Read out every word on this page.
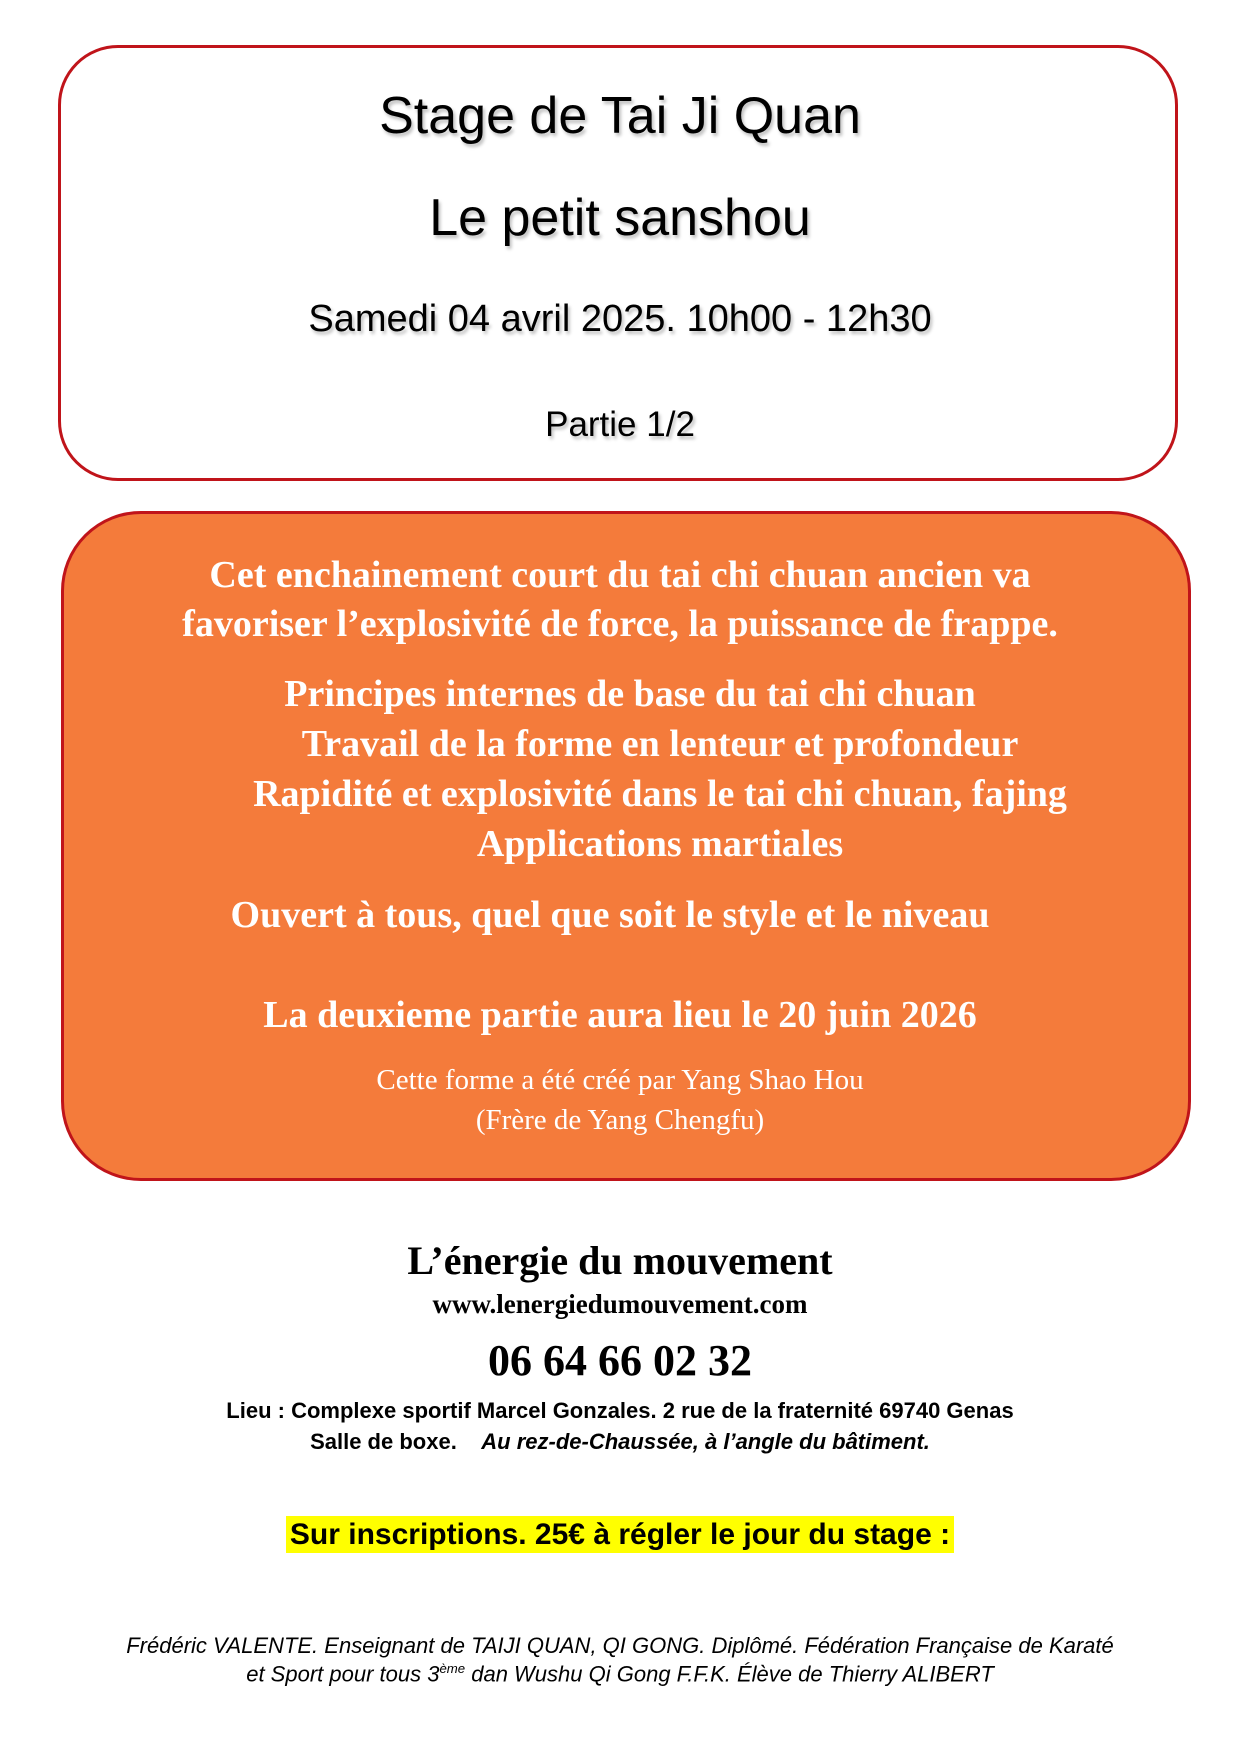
Stage de Tai Ji Quan
Le petit sanshou
Samedi 04 avril 2025. 10h00 - 12h30
Partie 1/2
Cet enchainement court du tai chi chuan ancien va
favoriser l’explosivité de force, la puissance de frappe.
Principes internes de base du tai chi chuan
Travail de la forme en lenteur et profondeur
Rapidité et explosivité dans le tai chi chuan, fajing
Applications martiales
Ouvert à tous, quel que soit le style et le niveau
La deuxieme partie aura lieu le 20 juin 2026
Cette forme a été créé par Yang Shao Hou
(Frère de Yang Chengfu)
L’énergie du mouvement
www.lenergiedumouvement.com
06 64 66 02 32
Lieu : Complexe sportif Marcel Gonzales. 2 rue de la fraternité 69740 Genas
Salle de boxe. Au rez-de-Chaussée, à l’angle du bâtiment.
Sur inscriptions. 25€ à régler le jour du stage :
Frédéric VALENTE. Enseignant de TAIJI QUAN, QI GONG. Diplômé. Fédération Française de Karaté
et Sport pour tous 3ème dan Wushu Qi Gong F.F.K. Élève de Thierry ALIBERT
